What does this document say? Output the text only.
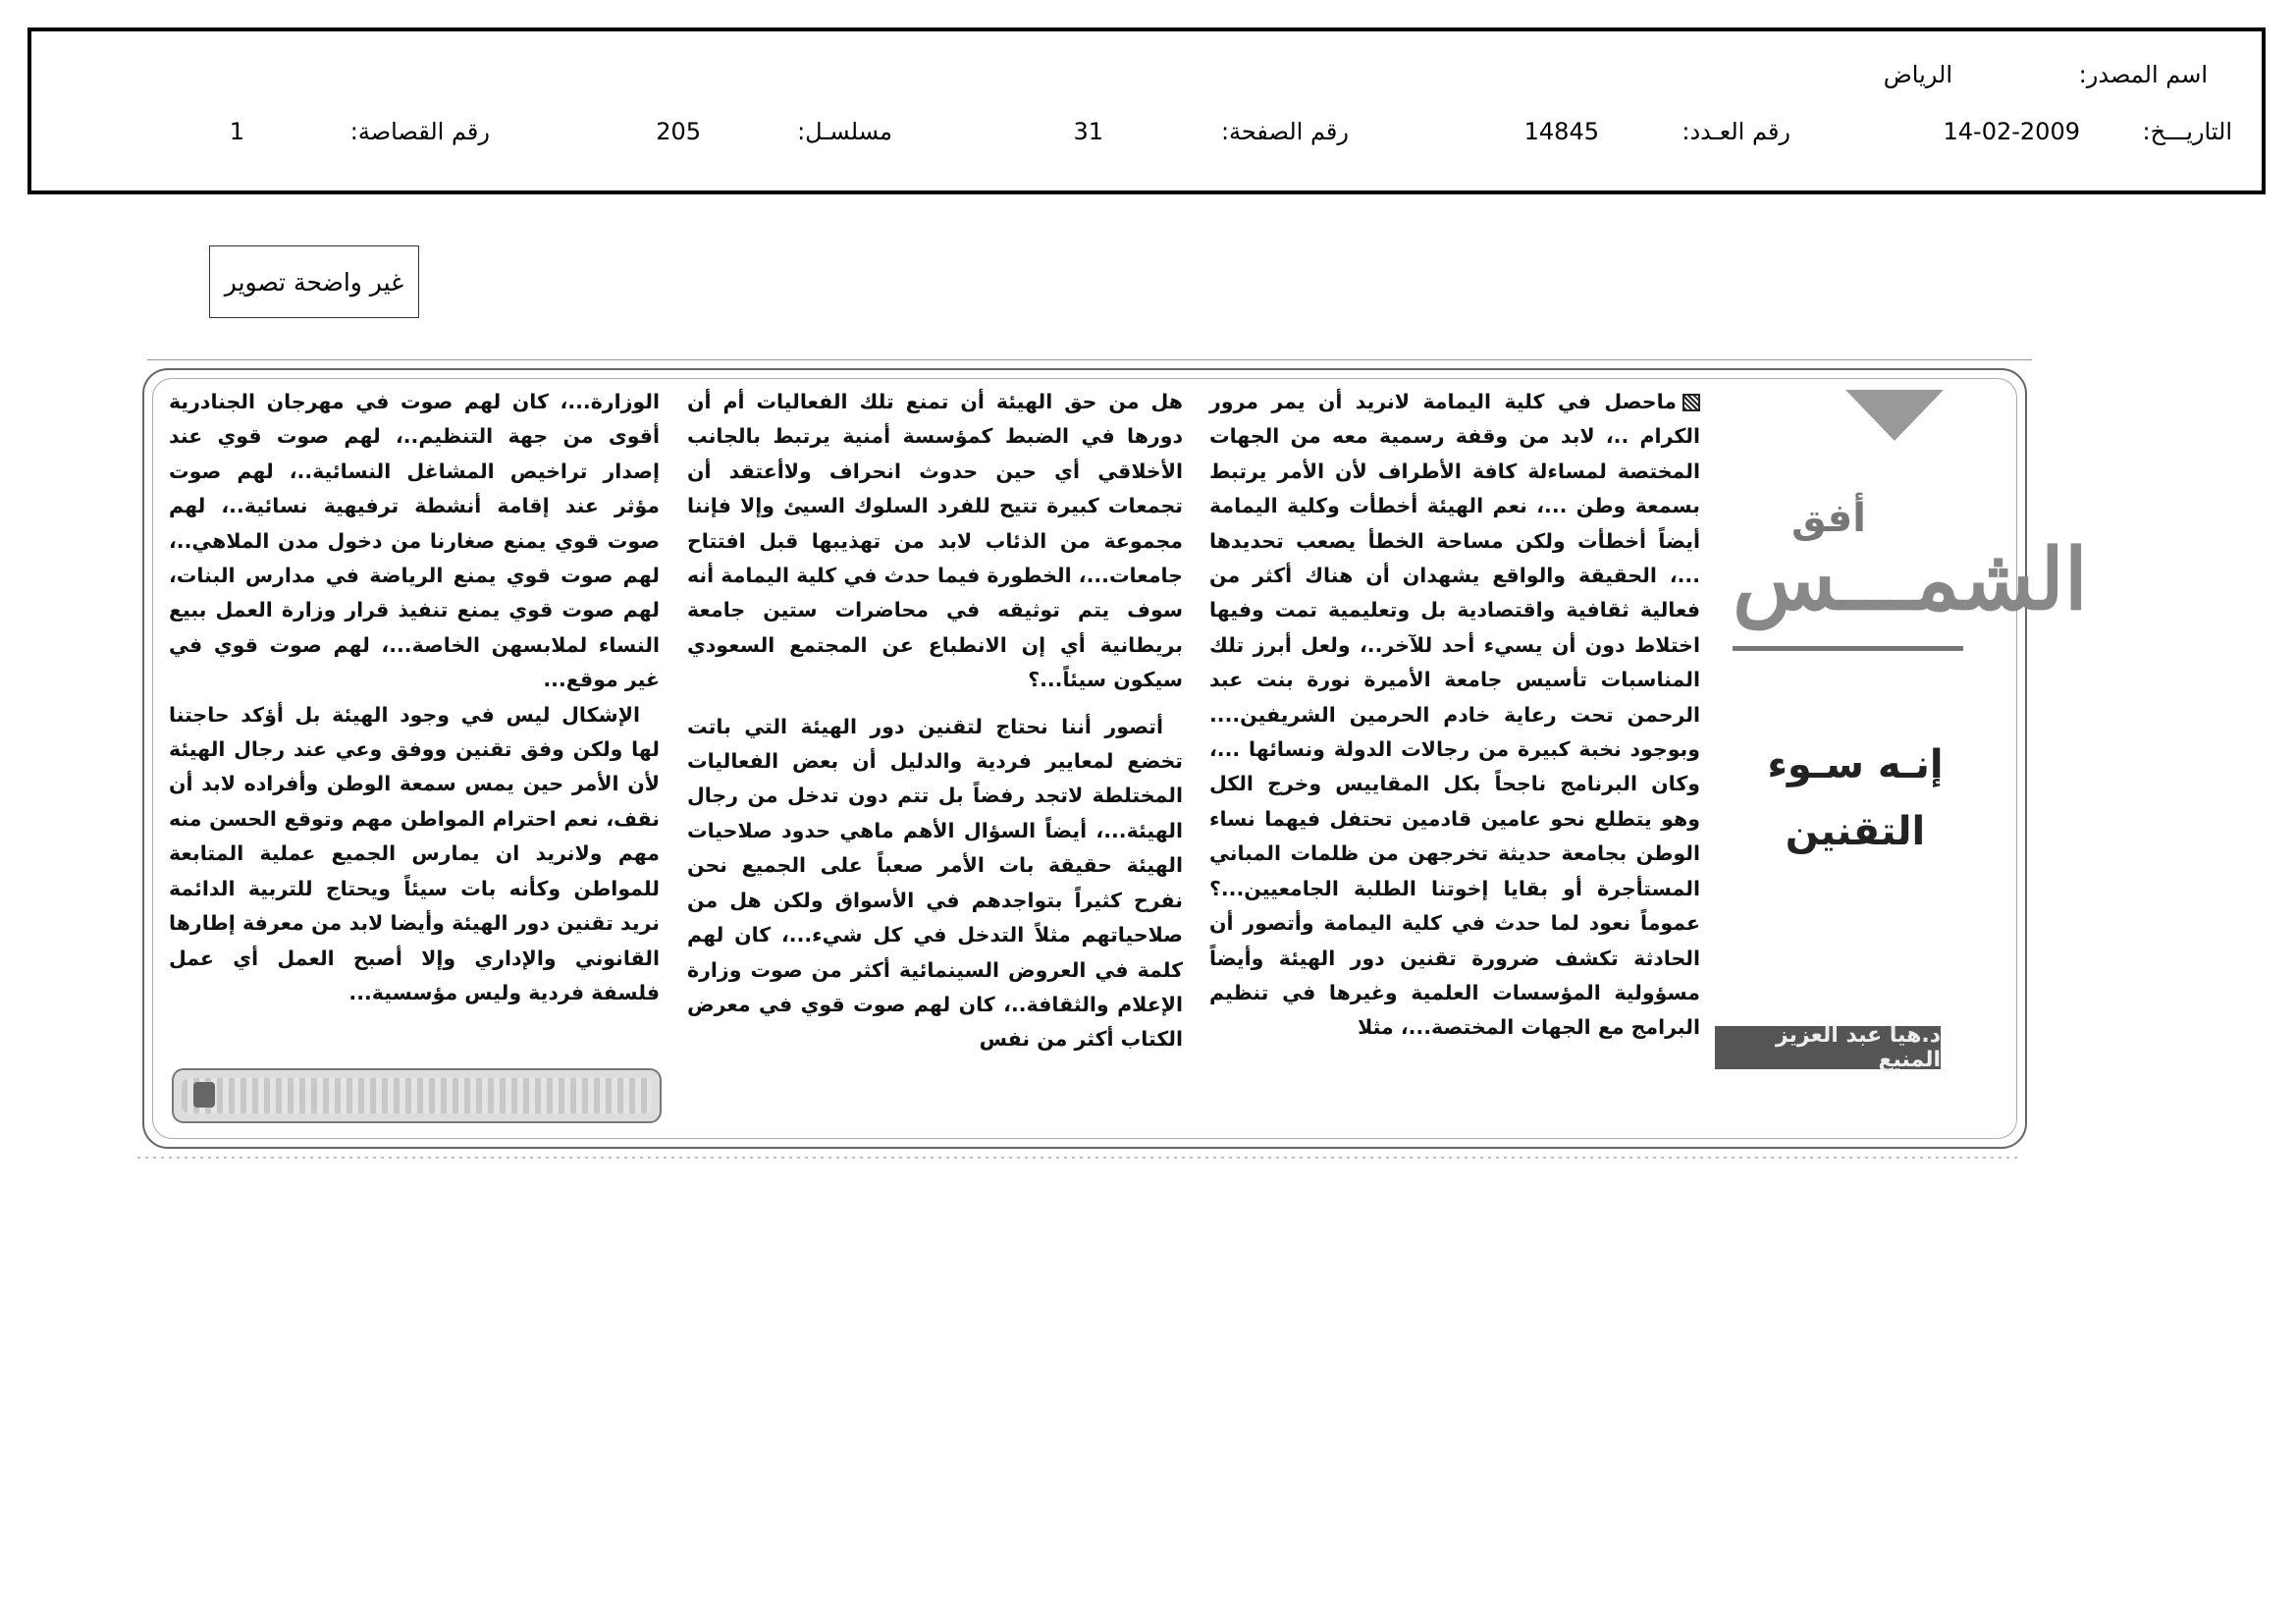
اسم المصدر:
الرياض
التاريـــخ:
14-02-2009
رقم العـدد:
14845
رقم الصفحة:
31
مسلسـل:
205
رقم القصاصة:
1
غير واضحة تصوير
أفق
الشمـــس
إنـه سـوء
التقنين
د.هيا عبد العزيز المنيع

ماحصل في كلية اليمامة لانريد أن يمر مرور الكرام ..، لابد من وقفة رسمية معه من الجهات المختصة لمساءلة كافة الأطراف لأن الأمر يرتبط بسمعة وطن ...، نعم الهيئة أخطأت وكلية اليمامة أيضاً أخطأت ولكن مساحة الخطأ يصعب تحديدها ...، الحقيقة والواقع يشهدان أن هناك أكثر من فعالية ثقافية واقتصادية بل وتعليمية تمت وفيها اختلاط دون أن يسيء أحد للآخر..، ولعل أبرز تلك المناسبات تأسيس جامعة الأميرة نورة بنت عبد الرحمن تحت رعاية خادم الحرمين الشريفين.... وبوجود نخبة كبيرة من رجالات الدولة ونسائها ...، وكان البرنامج ناجحاً بكل المقاييس وخرج الكل وهو يتطلع نحو عامين قادمين تحتفل فيهما نساء الوطن بجامعة حديثة تخرجهن من ظلمات المباني المستأجرة أو بقايا إخوتنا الطلبة الجامعيين...؟عموماً نعود لما حدث في كلية اليمامة وأتصور أن الحادثة تكشف ضرورة تقنين دور الهيئة وأيضاً مسؤولية المؤسسات العلمية وغيرها في تنظيم البرامج مع الجهات المختصة...، مثلا

هل من حق الهيئة أن تمنع تلك الفعاليات أم أن دورها في الضبط كمؤسسة أمنية يرتبط بالجانب الأخلاقي أي حين حدوث انحراف ولاأعتقد أن تجمعات كبيرة تتيح للفرد السلوك السيئ وإلا فإننا مجموعة من الذئاب لابد من تهذيبها قبل افتتاح جامعات...، الخطورة فيما حدث في كلية اليمامة أنه سوف يتم توثيقه في محاضرات ستين جامعة بريطانية أي إن الانطباع عن المجتمع السعودي سيكون سيئاً...؟

أتصور أننا نحتاج لتقنين دور الهيئة التي باتت تخضع لمعايير فردية والدليل أن بعض الفعاليات المختلطة لاتجد رفضاً بل تتم دون تدخل من رجال الهيئة...، أيضاً السؤال الأهم ماهي حدود صلاحيات الهيئة حقيقة بات الأمر صعباً على الجميع نحن نفرح كثيراً بتواجدهم في الأسواق ولكن هل من صلاحياتهم مثلاً التدخل في كل شيء...، كان لهم كلمة في العروض السينمائية أكثر من صوت وزارة الإعلام والثقافة..، كان لهم صوت قوي في معرض الكتاب أكثر من نفس

الوزارة...، كان لهم صوت في مهرجان الجنادرية أقوى من جهة التنظيم..، لهم صوت قوي عند إصدار تراخيص المشاغل النسائية..، لهم صوت مؤثر عند إقامة أنشطة ترفيهية نسائية..، لهم صوت قوي يمنع صغارنا من دخول مدن الملاهي..، لهم صوت قوي يمنع الرياضة في مدارس البنات، لهم صوت قوي يمنع تنفيذ قرار وزارة العمل ببيع النساء لملابسهن الخاصة...، لهم صوت قوي في غير موقع...

الإشكال ليس في وجود الهيئة بل أؤكد حاجتنا لها ولكن وفق تقنين ووفق وعي عند رجال الهيئة لأن الأمر حين يمس سمعة الوطن وأفراده لابد أن نقف، نعم احترام المواطن مهم وتوقع الحسن منه مهم ولانريد ان يمارس الجميع عملية المتابعة للمواطن وكأنه بات سيئاً ويحتاج للتربية الدائمة نريد تقنين دور الهيئة وأيضا لابد من معرفة إطارها القانوني والإداري وإلا أصبح العمل أي عمل فلسفة فردية وليس مؤسسية...
